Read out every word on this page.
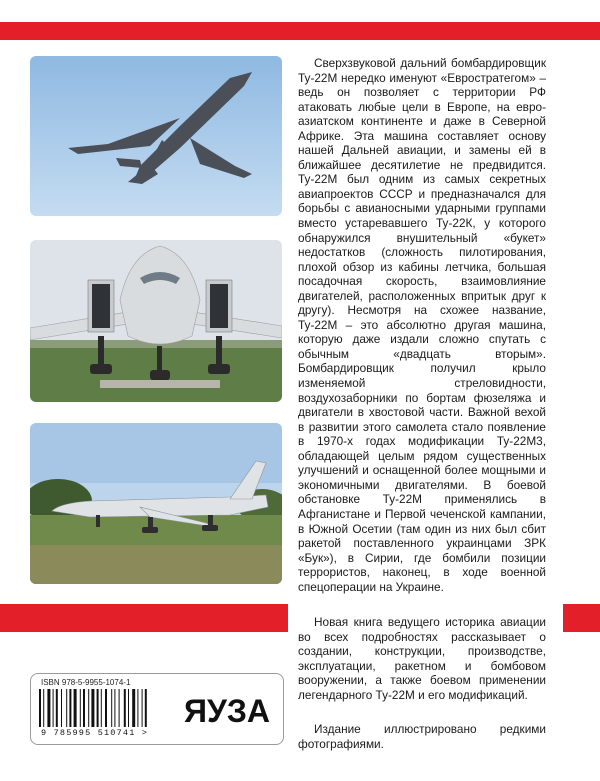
Сверхзвуковой дальний бомбардировщик Ту-22М нередко именуют «Евростратегом» – ведь он позволяет с территории РФ атаковать любые цели в Европе, на евро-азиатском континенте и даже в Северной Африке. Эта машина составляет основу нашей Дальней авиации, и замены ей в ближайшее десятилетие не предвидится. Ту-22М был одним из самых секретных авиапроектов СССР и предназначался для борьбы с авианосными ударными группами вместо устаревавшего Ту-22К, у которого обнаружился внушительный «букет» недостатков (сложность пилотирования, плохой обзор из кабины летчика, большая посадочная скорость, взаимовлияние двигателей, расположенных впритык друг к другу). Несмотря на схожее название, Ту-22М – это абсолютно другая машина, которую даже издали сложно спутать с обычным «двадцать вторым». Бомбардировщик получил крыло изменяемой стреловидности, воздухозаборники по бортам фюзеляжа и двигатели в хвостовой части. Важной вехой в развитии этого самолета стало появление в 1970-х годах модификации Ту-22М3, обладающей целым рядом существенных улучшений и оснащенной более мощными и экономичными двигателями. В боевой обстановке Ту-22М применялись в Афганистане и Первой чеченской кампании, в Южной Осетии (там один из них был сбит ракетой поставленного украинцами ЗРК «Бук»), в Сирии, где бомбили позиции террористов, наконец, в ходе военной спецоперации на Украине.

Новая книга ведущего историка авиации во всех подробностях рассказывает о создании, конструкции, производстве, эксплуатации, ракетном и бомбовом вооружении, а также боевом применении легендарного Ту-22М и его модификаций.

Издание иллюстрировано редкими фотографиями.

ISBN 978-5-9955-1074-1
9 785995 510741 >
ЯУЗА
